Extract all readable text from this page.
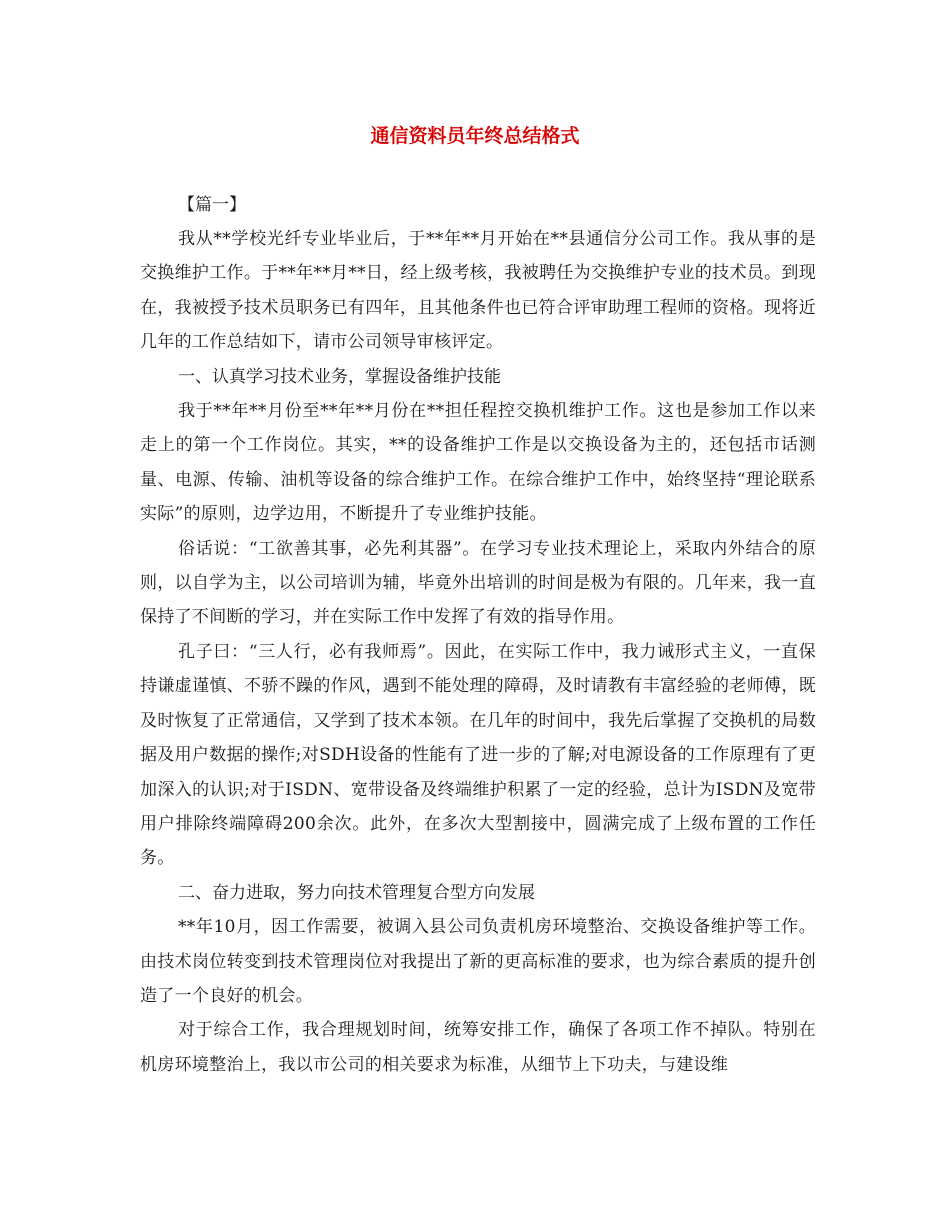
通信资料员年终总结格式

【篇一】

我从**学校光纤专业毕业后，于**年**月开始在**县通信分公司工作。我从事的是交换维护工作。于**年**月**日，经上级考核，我被聘任为交换维护专业的技术员。到现在，我被授予技术员职务已有四年，且其他条件也已符合评审助理工程师的资格。现将近几年的工作总结如下，请市公司领导审核评定。

一、认真学习技术业务，掌握设备维护技能

我于**年**月份至**年**月份在**担任程控交换机维护工作。这也是参加工作以来走上的第一个工作岗位。其实，**的设备维护工作是以交换设备为主的，还包括市话测量、电源、传输、油机等设备的综合维护工作。在综合维护工作中，始终坚持“理论联系实际”的原则，边学边用，不断提升了专业维护技能。

俗话说：“工欲善其事，必先利其器”。在学习专业技术理论上，采取内外结合的原则，以自学为主，以公司培训为辅，毕竟外出培训的时间是极为有限的。几年来，我一直保持了不间断的学习，并在实际工作中发挥了有效的指导作用。

孔子曰：“三人行，必有我师焉”。因此，在实际工作中，我力诫形式主义，一直保持谦虚谨慎、不骄不躁的作风，遇到不能处理的障碍，及时请教有丰富经验的老师傅，既及时恢复了正常通信，又学到了技术本领。在几年的时间中，我先后掌握了交换机的局数据及用户数据的操作;对SDH设备的性能有了进一步的了解;对电源设备的工作原理有了更加深入的认识;对于ISDN、宽带设备及终端维护积累了一定的经验，总计为ISDN及宽带用户排除终端障碍200余次。此外，在多次大型割接中，圆满完成了上级布置的工作任务。

二、奋力进取，努力向技术管理复合型方向发展

**年10月，因工作需要，被调入县公司负责机房环境整治、交换设备维护等工作。由技术岗位转变到技术管理岗位对我提出了新的更高标准的要求，也为综合素质的提升创造了一个良好的机会。

对于综合工作，我合理规划时间，统筹安排工作，确保了各项工作不掉队。特别在机房环境整治上，我以市公司的相关要求为标准，从细节上下功夫，与建设维
